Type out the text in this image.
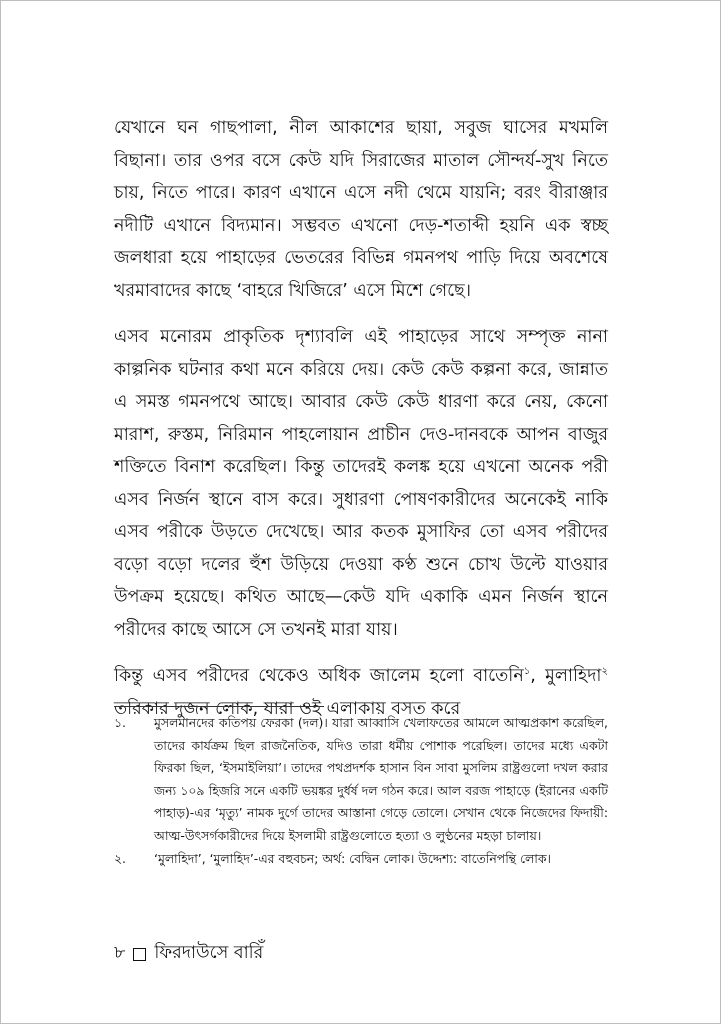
যেখানে ঘন গাছপালা, নীল আকাশের ছায়া, সবুজ ঘাসের মখমলি বিছানা। তার ওপর বসে কেউ যদি সিরাজের মাতাল সৌন্দর্য-সুখ নিতে চায়, নিতে পারে। কারণ এখানে এসে নদী থেমে যায়নি; বরং বীরাঞ্জার নদীটি এখানে বিদ্যমান। সম্ভবত এখনো দেড়-শতাব্দী হয়নি এক স্বচ্ছ জলধারা হয়ে পাহাড়ের ভেতরের বিভিন্ন গমনপথ পাড়ি দিয়ে অবশেষে খরমাবাদের কাছে ‘বাহরে খিজিরে’ এসে মিশে গেছে।

এসব মনোরম প্রাকৃতিক দৃশ্যাবলি এই পাহাড়ের সাথে সম্পৃক্ত নানা কাল্পনিক ঘটনার কথা মনে করিয়ে দেয়। কেউ কেউ কল্পনা করে, জান্নাত এ সমস্ত গমনপথে আছে। আবার কেউ কেউ ধারণা করে নেয়, কেনো মারাশ, রুস্তম, নিরিমান পাহলোয়ান প্রাচীন দেও-দানবকে আপন বাজুর শক্তিতে বিনাশ করেছিল। কিন্তু তাদেরই কলঙ্ক হয়ে এখনো অনেক পরী এসব নির্জন স্থানে বাস করে। সুধারণা পোষণকারীদের অনেকেই নাকি এসব পরীকে উড়তে দেখেছে। আর কতক মুসাফির তো এসব পরীদের বড়ো বড়ো দলের হুঁশ উড়িয়ে দেওয়া কণ্ঠ শুনে চোখ উল্টে যাওয়ার উপক্রম হয়েছে। কথিত আছে—কেউ যদি একাকি এমন নির্জন স্থানে পরীদের কাছে আসে সে তখনই মারা যায়।

কিন্তু এসব পরীদের থেকেও অধিক জালেম হলো বাতেনি$^১$, মুলাহিদা$^২$ তরিকার দুজন লোক, যারা ওই এলাকায় বসত করে

১.	মুসলমানদের কতিপয় ফেরকা (দল)। যারা আব্বাসি খেলাফতের আমলে আত্মপ্রকাশ করেছিল, তাদের কার্যক্রম ছিল রাজনৈতিক, যদিও তারা ধর্মীয় পোশাক পরেছিল। তাদের মধ্যে একটা ফিরকা ছিল, ‘ইসমাইলিয়া’। তাদের পথপ্রদর্শক হাসান বিন সাবা মুসলিম রাষ্ট্রগুলো দখল করার জন্য ১০৯ হিজরি সনে একটি ভয়ঙ্কর দুর্ধর্ষ দল গঠন করে। আল বরজ পাহাড়ে (ইরানের একটি পাহাড়)-এর ‘মৃত্যু’ নামক দুর্গে তাদের আস্তানা গেড়ে তোলে। সেখান থেকে নিজেদের ফিদায়ী: আত্ম-উৎসর্গকারীদের দিয়ে ইসলামী রাষ্ট্রগুলোতে হত্যা ও লুণ্ঠনের মহড়া চালায়।
২.	‘মুলাহিদা’, ‘মুলাহিদ’-এর বহুবচন; অর্থ: বেদ্বিন লোক। উদ্দেশ্য: বাতেনিপন্থি লোক।
৮ ফিরদাউসে বারিঁ
